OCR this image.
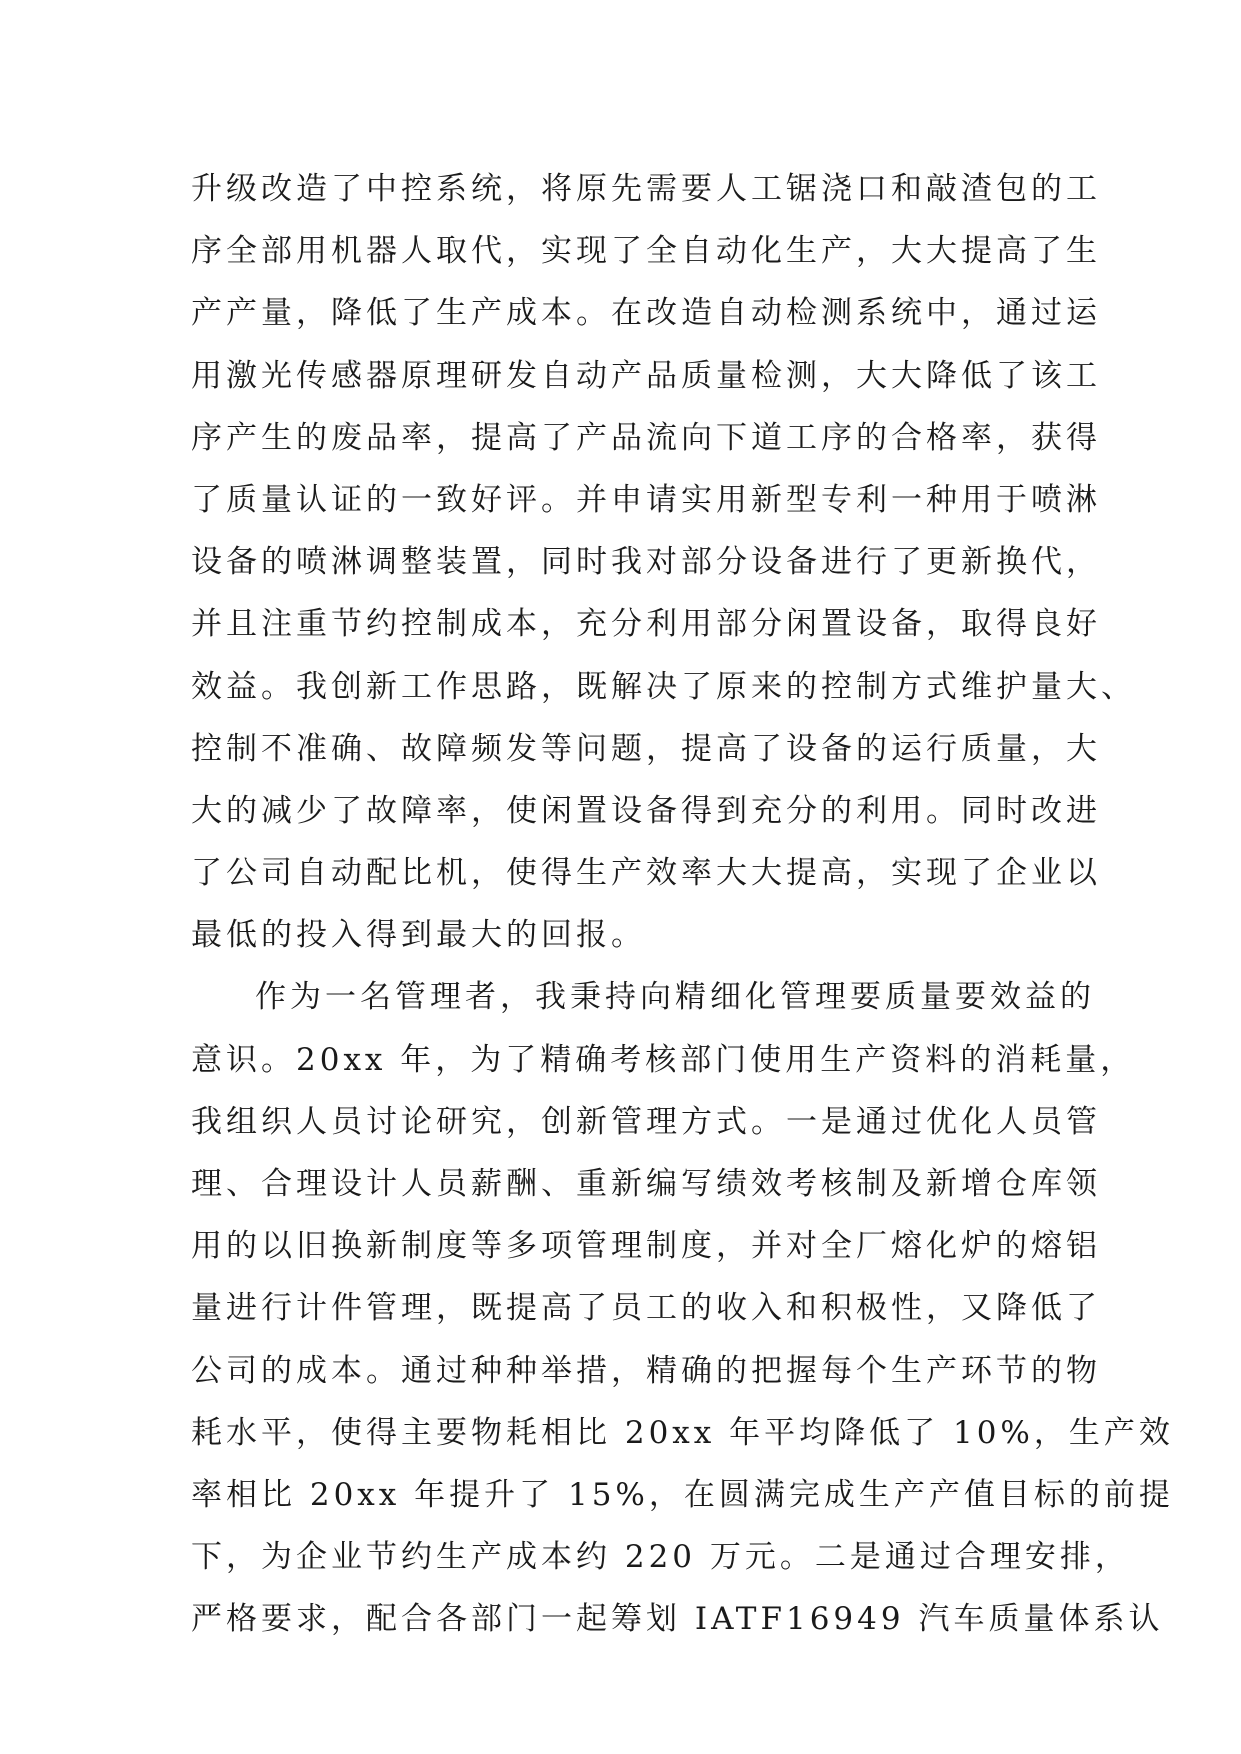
升级改造了中控系统，将原先需要人工锯浇口和敲渣包的工
序全部用机器人取代，实现了全自动化生产，大大提高了生
产产量，降低了生产成本。在改造自动检测系统中，通过运
用激光传感器原理研发自动产品质量检测，大大降低了该工
序产生的废品率，提高了产品流向下道工序的合格率，获得
了质量认证的一致好评。并申请实用新型专利一种用于喷淋
设备的喷淋调整装置，同时我对部分设备进行了更新换代，
并且注重节约控制成本，充分利用部分闲置设备，取得良好
效益。我创新工作思路，既解决了原来的控制方式维护量大、
控制不准确、故障频发等问题，提高了设备的运行质量，大
大的减少了故障率，使闲置设备得到充分的利用。同时改进
了公司自动配比机，使得生产效率大大提高，实现了企业以
最低的投入得到最大的回报。
作为一名管理者，我秉持向精细化管理要质量要效益的
意识。20xx 年，为了精确考核部门使用生产资料的消耗量，
我组织人员讨论研究，创新管理方式。一是通过优化人员管
理、合理设计人员薪酬、重新编写绩效考核制及新增仓库领
用的以旧换新制度等多项管理制度，并对全厂熔化炉的熔铝
量进行计件管理，既提高了员工的收入和积极性，又降低了
公司的成本。通过种种举措，精确的把握每个生产环节的物
耗水平，使得主要物耗相比 20xx 年平均降低了 10%，生产效
率相比 20xx 年提升了 15%，在圆满完成生产产值目标的前提
下，为企业节约生产成本约 220 万元。二是通过合理安排，
严格要求，配合各部门一起筹划 IATF16949 汽车质量体系认
